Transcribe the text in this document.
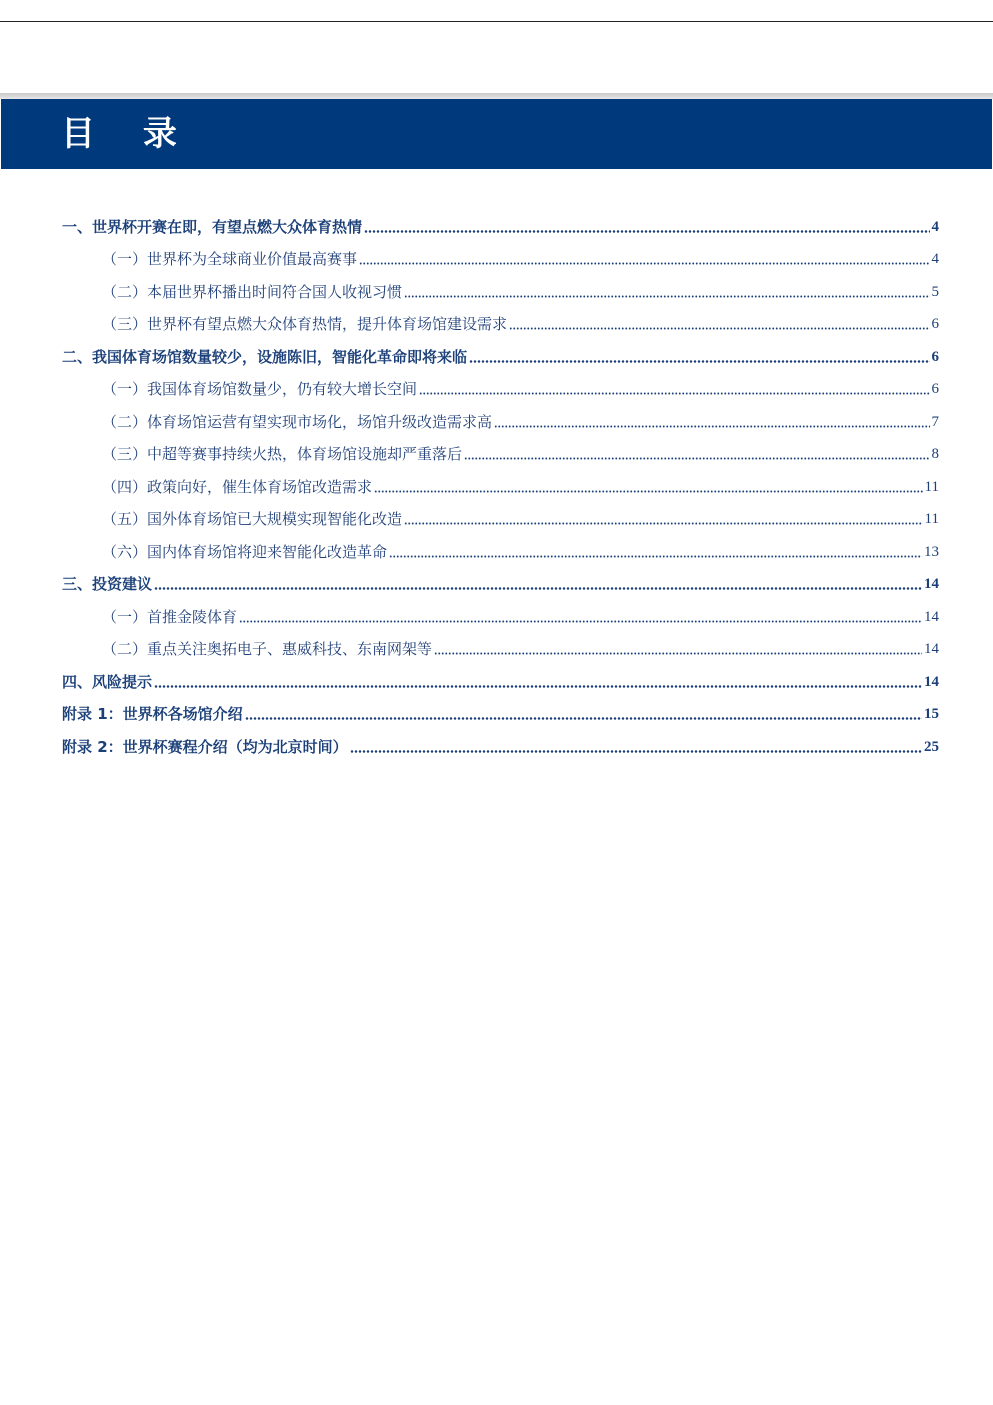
目 录
一、世界杯开赛在即，有望点燃大众体育热情	4
（一）世界杯为全球商业价值最高赛事	4
（二）本届世界杯播出时间符合国人收视习惯	5
（三）世界杯有望点燃大众体育热情，提升体育场馆建设需求	6
二、我国体育场馆数量较少，设施陈旧，智能化革命即将来临	6
（一）我国体育场馆数量少，仍有较大增长空间	6
（二）体育场馆运营有望实现市场化，场馆升级改造需求高	7
（三）中超等赛事持续火热，体育场馆设施却严重落后	8
（四）政策向好，催生体育场馆改造需求	11
（五）国外体育场馆已大规模实现智能化改造	11
（六）国内体育场馆将迎来智能化改造革命	13
三、投资建议	14
（一）首推金陵体育	14
（二）重点关注奥拓电子、惠威科技、东南网架等	14
四、风险提示	14
附录 1：世界杯各场馆介绍	15
附录 2：世界杯赛程介绍（均为北京时间）	25
